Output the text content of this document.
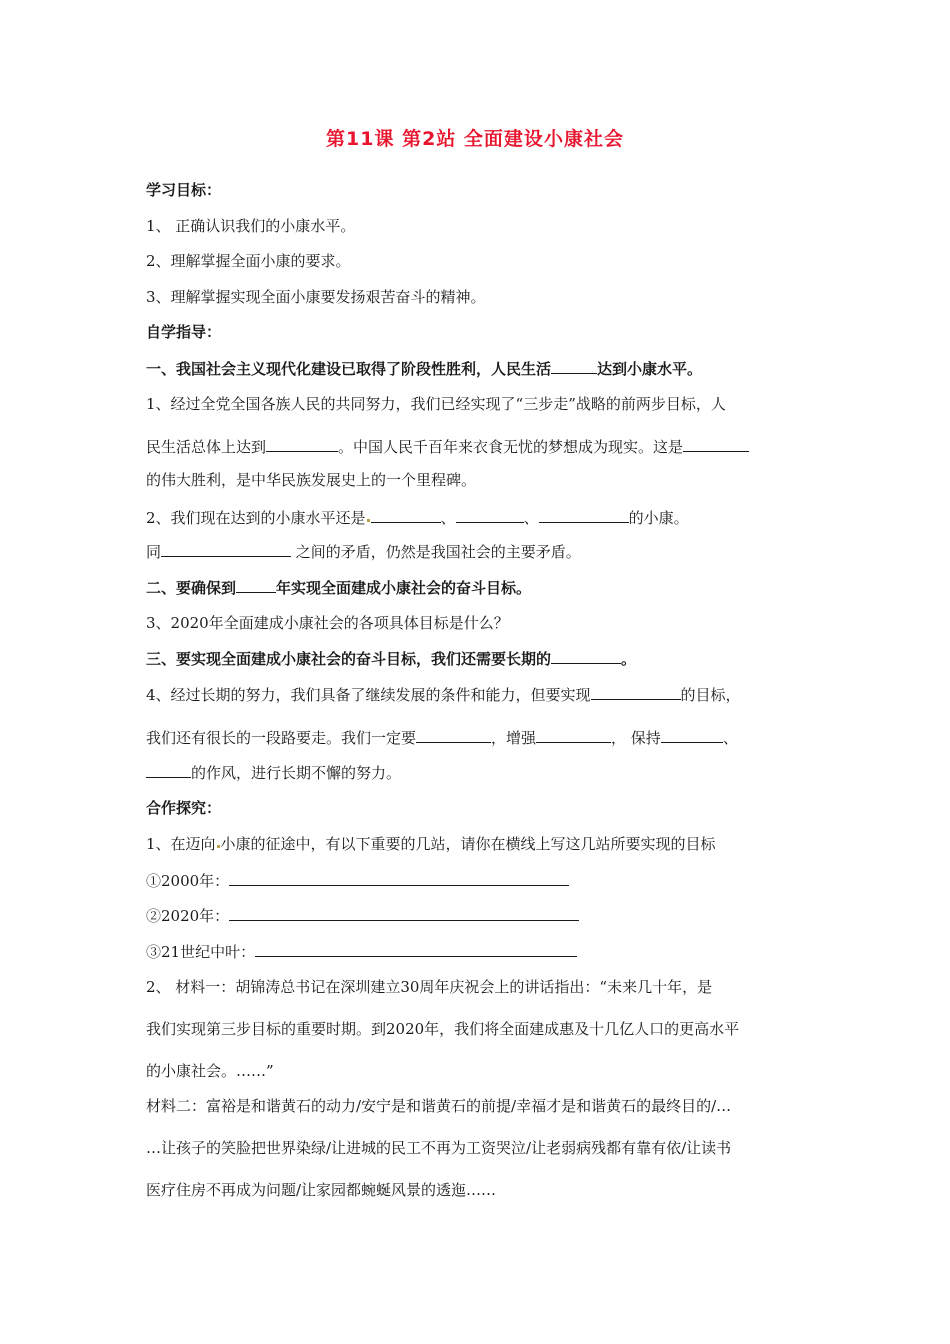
第11课 第2站 全面建设小康社会
学习目标：
1、 正确认识我们的小康水平。
2、理解掌握全面小康的要求。
3、理解掌握实现全面小康要发扬艰苦奋斗的精神。
自学指导：
一、我国社会主义现代化建设已取得了阶段性胜利，人民生活	达到小康水平。
1、经过全党全国各族人民的共同努力，我们已经实现了“三步走”战略的前两步目标，人
民生活总体上达到	。中国人民千百年来衣食无忧的梦想成为现实。这是
的伟大胜利，是中华民族发展史上的一个里程碑。
2、我们现在达到的小康水平还是	、	、	的小康。
同	之间的矛盾，仍然是我国社会的主要矛盾。
二、要确保到	年实现全面建成小康社会的奋斗目标。
3、2020年全面建成小康社会的各项具体目标是什么？
三、要实现全面建成小康社会的奋斗目标，我们还需要长期的	。
4、经过长期的努力，我们具备了继续发展的条件和能力，但要实现	的目标，
我们还有很长的一段路要走。我们一定要	，增强	， 保持	、
的作风，进行长期不懈的努力。
合作探究：
1、在迈向 小康的征途中，有以下重要的几站，请你在横线上写这几站所要实现的目标
①2000年：
②2020年：
③21世纪中叶：
2、 材料一：胡锦涛总书记在深圳建立30周年庆祝会上的讲话指出：“未来几十年，是
我们实现第三步目标的重要时期。到2020年，我们将全面建成惠及十几亿人口的更高水平
的小康社会。……”
材料二：富裕是和谐黄石的动力/安宁是和谐黄石的前提/幸福才是和谐黄石的最终目的/…
…让孩子的笑脸把世界染绿/让进城的民工不再为工资哭泣/让老弱病残都有靠有依/让读书
医疗住房不再成为问题/让家园都蜿蜒风景的透迤……
